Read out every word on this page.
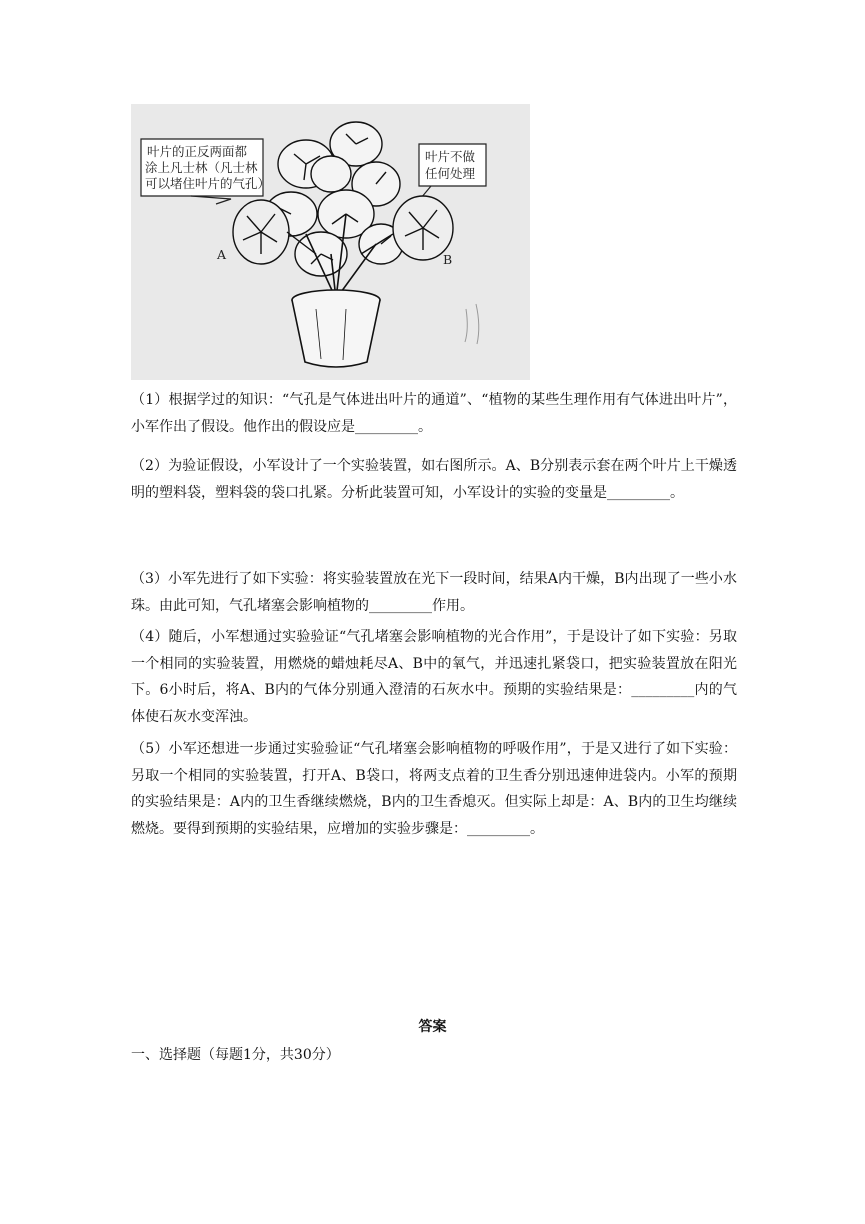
叶片的正反两面都
涂上凡士林（凡士林
可以堵住叶片的气孔）
叶片不做
任何处理
A	B

（1）根据学过的知识：“气孔是气体进出叶片的通道”、“植物的某些生理作用有气体进出叶片”，小军作出了假设。他作出的假设应是_________。

（2）为验证假设，小军设计了一个实验装置，如右图所示。A、B分别表示套在两个叶片上干燥透明的塑料袋，塑料袋的袋口扎紧。分析此装置可知，小军设计的实验的变量是_________。

（3）小军先进行了如下实验：将实验装置放在光下一段时间，结果A内干燥，B内出现了一些小水珠。由此可知，气孔堵塞会影响植物的_________作用。

（4）随后，小军想通过实验验证“气孔堵塞会影响植物的光合作用”，于是设计了如下实验：另取一个相同的实验装置，用燃烧的蜡烛耗尽A、B中的氧气，并迅速扎紧袋口，把实验装置放在阳光下。6小时后，将A、B内的气体分别通入澄清的石灰水中。预期的实验结果是：_________内的气体使石灰水变浑浊。

（5）小军还想进一步通过实验验证“气孔堵塞会影响植物的呼吸作用”，于是又进行了如下实验：另取一个相同的实验装置，打开A、B袋口，将两支点着的卫生香分别迅速伸进袋内。小军的预期的实验结果是：A内的卫生香继续燃烧，B内的卫生香熄灭。但实际上却是：A、B内的卫生均继续燃烧。要得到预期的实验结果，应增加的实验步骤是：_________。

答案
一、选择题（每题1分，共30分）
